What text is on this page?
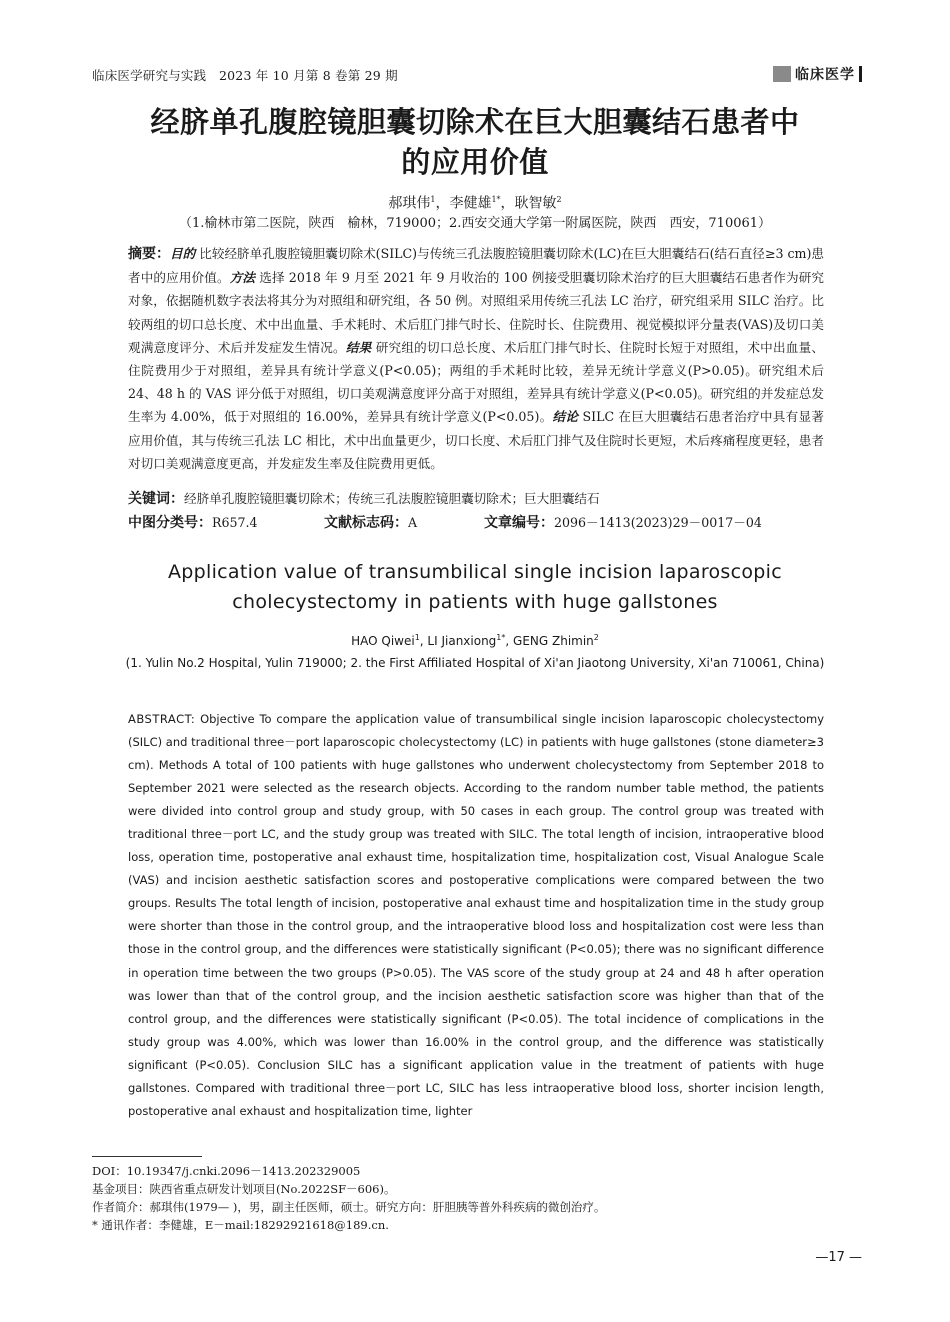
临床医学研究与实践　2023 年 10 月第 8 卷第 29 期	临床医学
经脐单孔腹腔镜胆囊切除术在巨大胆囊结石患者中
的应用价值
郝琪伟$^1$，李健雄$^{1*}$，耿智敏$^2$
（1.榆林市第二医院，陕西　榆林，719000；2.西安交通大学第一附属医院，陕西　西安，710061）
摘要：目的 比较经脐单孔腹腔镜胆囊切除术(SILC)与传统三孔法腹腔镜胆囊切除术(LC)在巨大胆囊结石(结石直径≥3 cm)患者中的应用价值。方法 选择 2018 年 9 月至 2021 年 9 月收治的 100 例接受胆囊切除术治疗的巨大胆囊结石患者作为研究对象，依据随机数字表法将其分为对照组和研究组，各 50 例。对照组采用传统三孔法 LC 治疗，研究组采用 SILC 治疗。比较两组的切口总长度、术中出血量、手术耗时、术后肛门排气时长、住院时长、住院费用、视觉模拟评分量表(VAS)及切口美观满意度评分、术后并发症发生情况。结果 研究组的切口总长度、术后肛门排气时长、住院时长短于对照组，术中出血量、住院费用少于对照组，差异具有统计学意义(P<0.05)；两组的手术耗时比较，差异无统计学意义(P>0.05)。研究组术后 24、48 h 的 VAS 评分低于对照组，切口美观满意度评分高于对照组，差异具有统计学意义(P<0.05)。研究组的并发症总发生率为 4.00%，低于对照组的 16.00%，差异具有统计学意义(P<0.05)。结论 SILC 在巨大胆囊结石患者治疗中具有显著应用价值，其与传统三孔法 LC 相比，术中出血量更少，切口长度、术后肛门排气及住院时长更短，术后疼痛程度更轻，患者对切口美观满意度更高，并发症发生率及住院费用更低。
关键词：经脐单孔腹腔镜胆囊切除术；传统三孔法腹腔镜胆囊切除术；巨大胆囊结石
中图分类号：R657.4	文献标志码：A	文章编号：2096－1413(2023)29－0017－04
Application value of transumbilical single incision laparoscopic
cholecystectomy in patients with huge gallstones
HAO Qiwei$^1$, LI Jianxiong$^{1*}$, GENG Zhimin$^2$
(1. Yulin No.2 Hospital, Yulin 719000; 2. the First Affiliated Hospital of Xi'an Jiaotong University, Xi'an 710061, China)
ABSTRACT: Objective To compare the application value of transumbilical single incision laparoscopic cholecystectomy (SILC) and traditional three－port laparoscopic cholecystectomy (LC) in patients with huge gallstones (stone diameter≥3 cm). Methods A total of 100 patients with huge gallstones who underwent cholecystectomy from September 2018 to September 2021 were selected as the research objects. According to the random number table method, the patients were divided into control group and study group, with 50 cases in each group. The control group was treated with traditional three－port LC, and the study group was treated with SILC. The total length of incision, intraoperative blood loss, operation time, postoperative anal exhaust time, hospitalization time, hospitalization cost, Visual Analogue Scale (VAS) and incision aesthetic satisfaction scores and postoperative complications were compared between the two groups. Results The total length of incision, postoperative anal exhaust time and hospitalization time in the study group were shorter than those in the control group, and the intraoperative blood loss and hospitalization cost were less than those in the control group, and the differences were statistically significant (P<0.05); there was no significant difference in operation time between the two groups (P>0.05). The VAS score of the study group at 24 and 48 h after operation was lower than that of the control group, and the incision aesthetic satisfaction score was higher than that of the control group, and the differences were statistically significant (P<0.05). The total incidence of complications in the study group was 4.00%, which was lower than 16.00% in the control group, and the difference was statistically significant (P<0.05). Conclusion SILC has a significant application value in the treatment of patients with huge gallstones. Compared with traditional three－port LC, SILC has less intraoperative blood loss, shorter incision length, postoperative anal exhaust and hospitalization time, lighter
DOI：10.19347/j.cnki.2096－1413.202329005
基金项目：陕西省重点研发计划项目(No.2022SF－606)。
作者简介：郝琪伟(1979— )，男，副主任医师，硕士。研究方向：肝胆胰等普外科疾病的微创治疗。
* 通讯作者：李健雄，E－mail:18292921618@189.cn.
—17 —
